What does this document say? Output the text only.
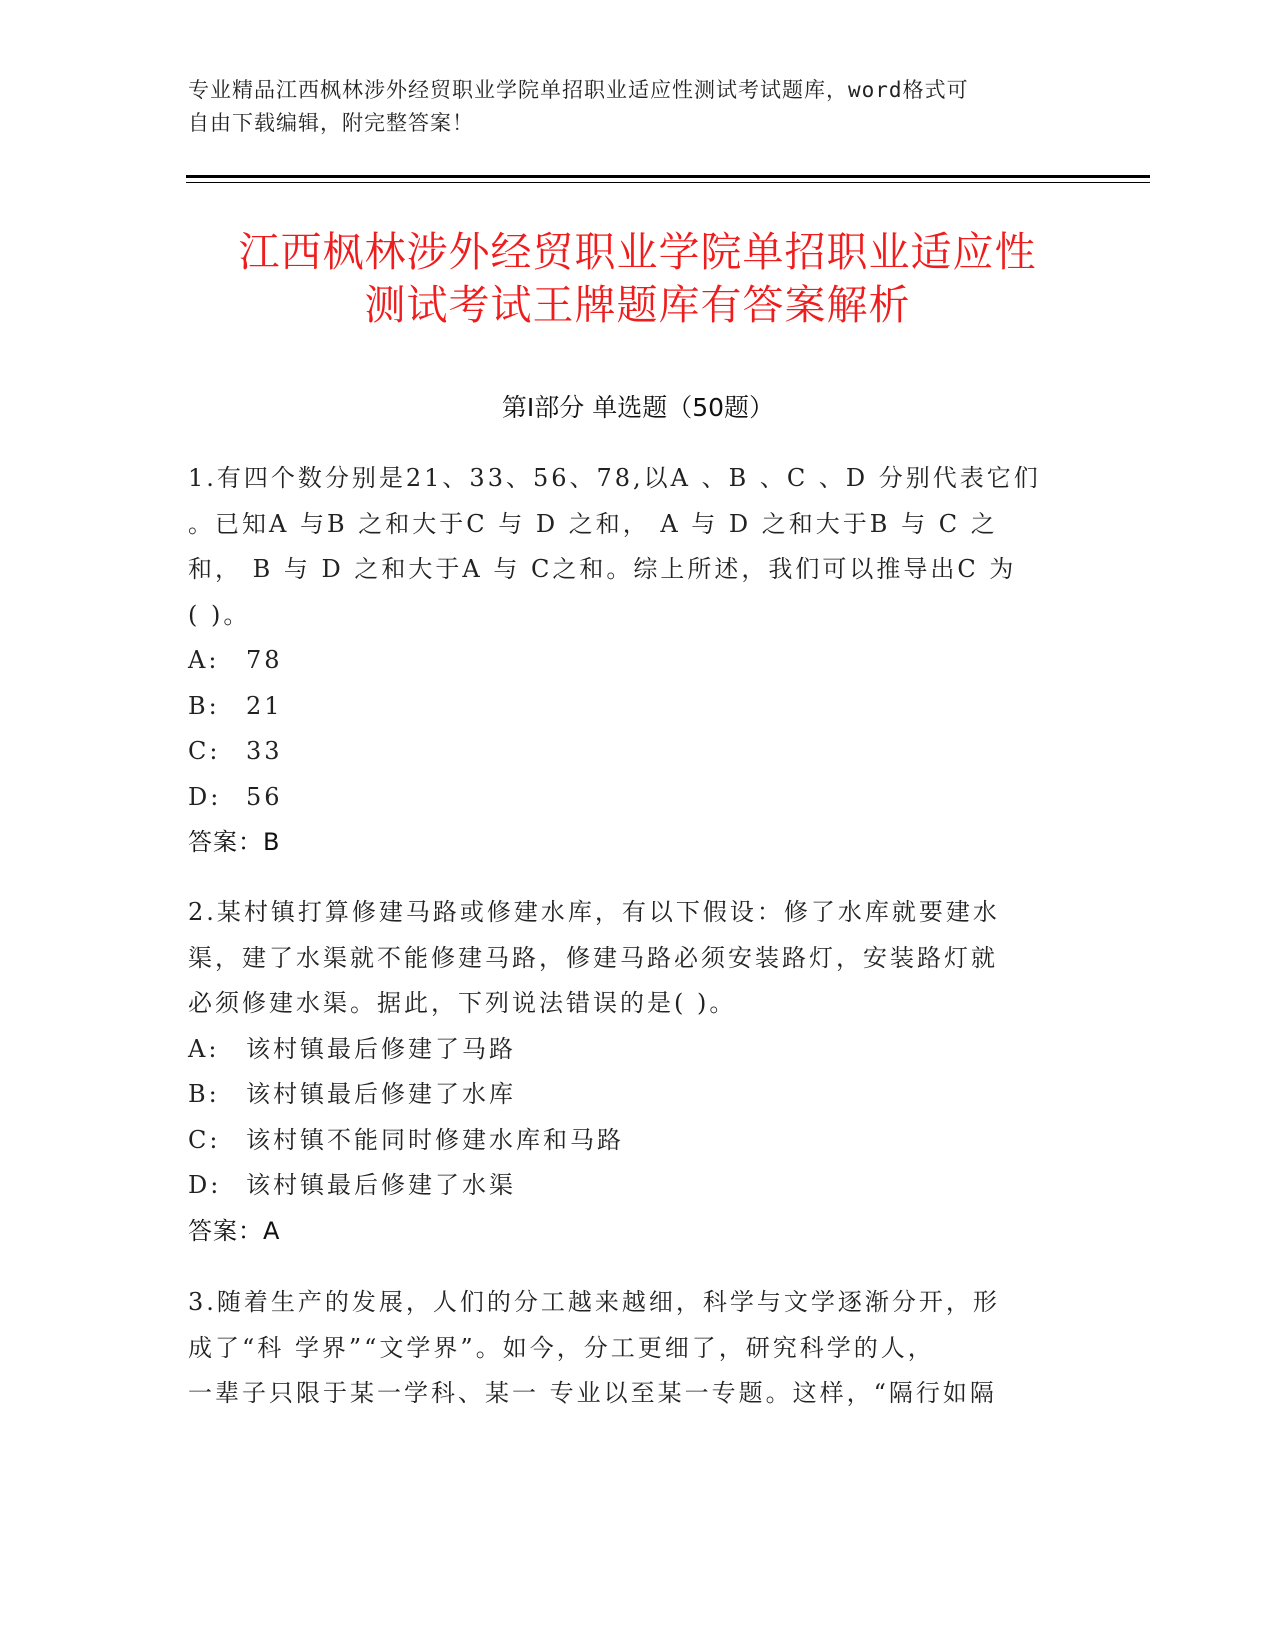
专业精品江西枫林涉外经贸职业学院单招职业适应性测试考试题库，word格式可
自由下载编辑，附完整答案！
江西枫林涉外经贸职业学院单招职业适应性
测试考试王牌题库有答案解析
第Ⅰ部分 单选题（50题）

1.有四个数分别是21、33、56、78,以A 、B 、C 、D 分别代表它们

。已知A 与B 之和大于C 与 D 之和， A 与 D 之和大于B 与 C 之

和， B 与 D 之和大于A 与 C之和。综上所述，我们可以推导出C 为

( )。

A:	78

B:	21

C:	33

D:	56

答案：B

2.某村镇打算修建马路或修建水库，有以下假设：修了水库就要建水

渠，建了水渠就不能修建马路，修建马路必须安装路灯，安装路灯就

必须修建水渠。据此，下列说法错误的是( )。

A:	该村镇最后修建了马路

B:	该村镇最后修建了水库

C:	该村镇不能同时修建水库和马路

D:	该村镇最后修建了水渠

答案：A

3.随着生产的发展，人们的分工越来越细，科学与文学逐渐分开，形

成了“科 学界”“文学界”。如今，分工更细了，研究科学的人，

一辈子只限于某一学科、某一 专业以至某一专题。这样，“隔行如隔
